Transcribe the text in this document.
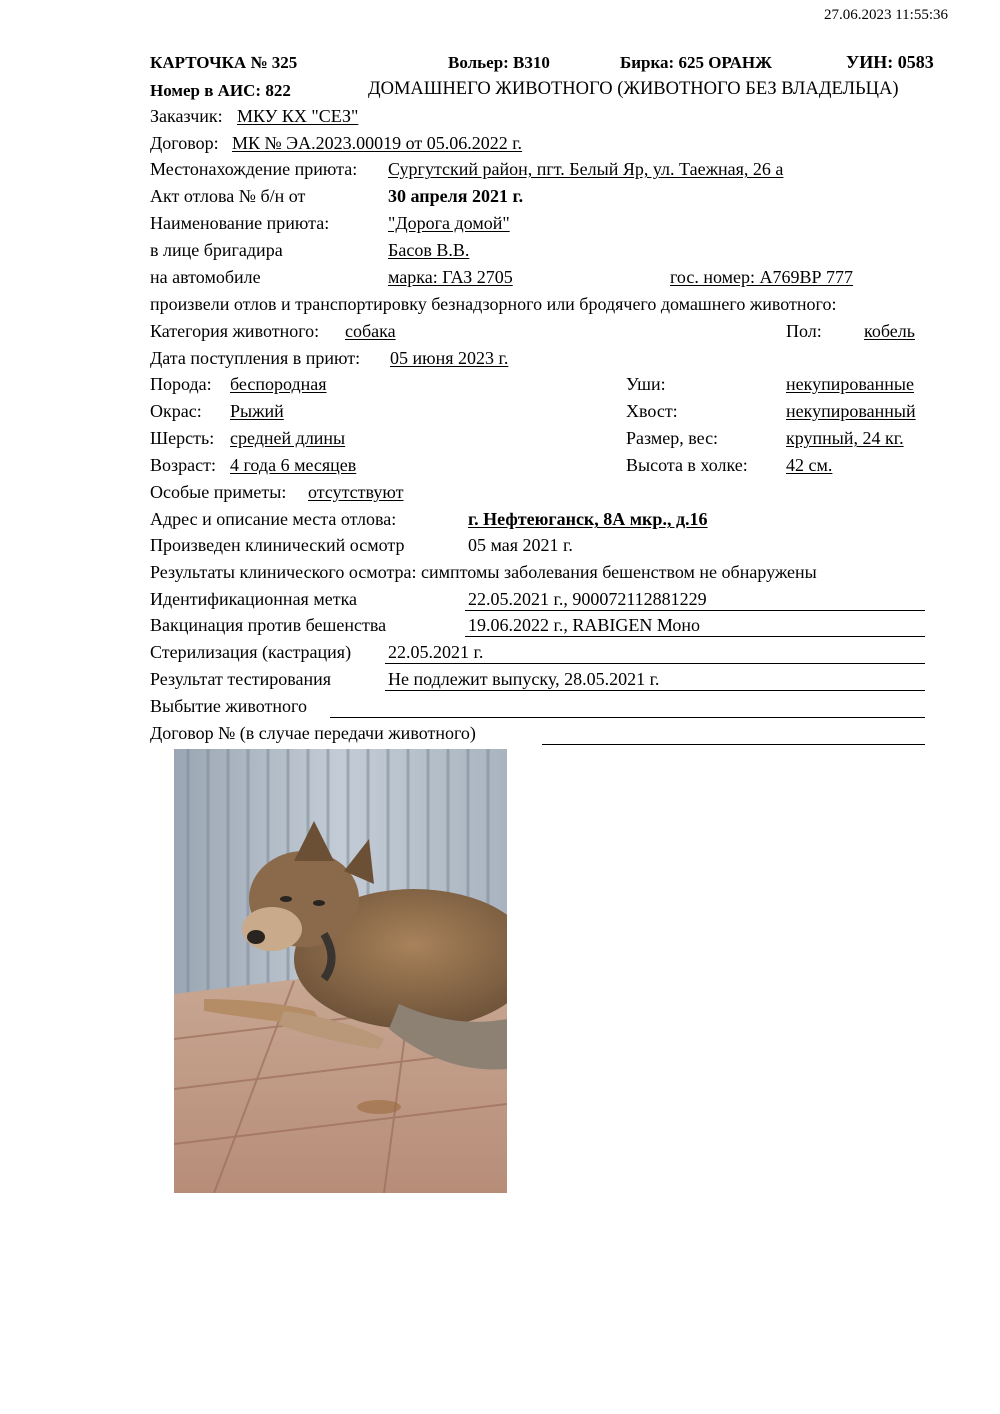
27.06.2023 11:55:36
КАРТОЧКА № 325	Вольер: В310	Бирка: 625 ОРАНЖ	УИН: 0583
Номер в АИС: 822	ДОМАШНЕГО ЖИВОТНОГО (ЖИВОТНОГО БЕЗ ВЛАДЕЛЬЦА)
Заказчик: МКУ КХ "СЕЗ"
Договор: МК № ЭА.2023.00019 от 05.06.2022 г.
Местонахождение приюта: Сургутский район, пгт. Белый Яр, ул. Таежная, 26 а
Акт отлова № б/н от	30 апреля 2021 г.
Наименование приюта:	"Дорога домой"
в лице бригадира	Басов В.В.
на автомобиле	марка: ГАЗ 2705	гос. номер: А769ВР 777
произвели отлов и транспортировку безнадзорного или бродячего домашнего животного:
Категория животного: собака	Пол: кобель
Дата поступления в приют: 05 июня 2023 г.
Порода: беспородная	Уши:	некупированные
Окрас: Рыжий	Хвост:	некупированный
Шерсть: средней длины	Размер, вес:	крупный, 24 кг.
Возраст: 4 года 6 месяцев	Высота в холке: 42 см.
Особые приметы: отсутствуют
Адрес и описание места отлова:	г. Нефтеюганск, 8А мкр., д.16
Произведен клинический осмотр	05 мая 2021 г.
Результаты клинического осмотра: симптомы заболевания бешенством не обнаружены
Идентификационная метка	22.05.2021 г., 900072112881229
Вакцинация против бешенства	19.06.2022 г., RABIGEN Моно
Стерилизация (кастрация) 22.05.2021 г.
Результат тестирования	Не подлежит выпуску, 28.05.2021 г.
Выбытие животного
Договор № (в случае передачи животного)
